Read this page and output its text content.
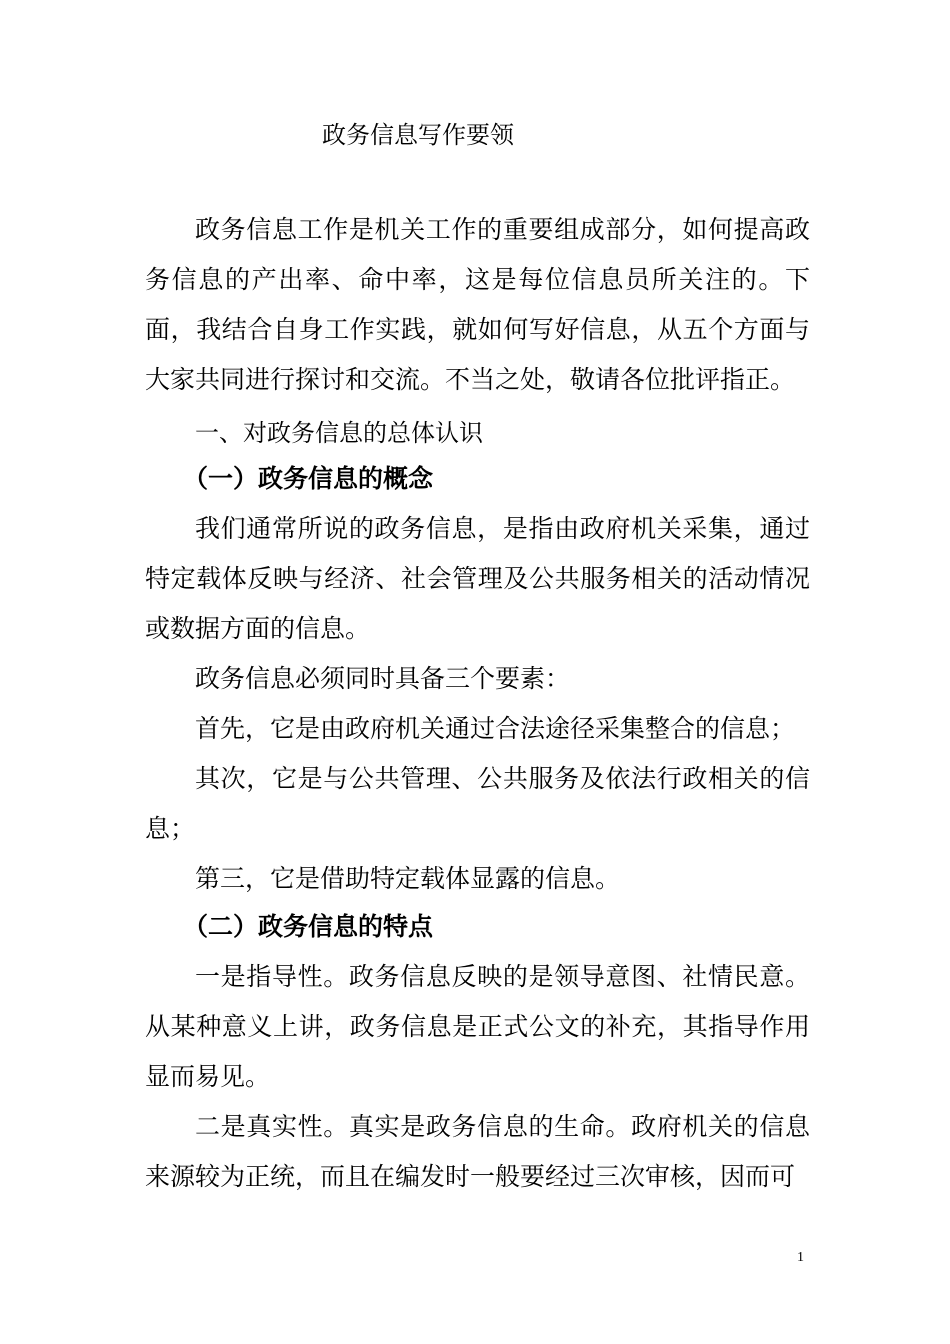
政务信息写作要领

政务信息工作是机关工作的重要组成部分，如何提高政务信息的产出率、命中率，这是每位信息员所关注的。下面，我结合自身工作实践，就如何写好信息，从五个方面与大家共同进行探讨和交流。不当之处，敬请各位批评指正。

一、对政务信息的总体认识

（一）政务信息的概念

我们通常所说的政务信息，是指由政府机关采集，通过特定载体反映与经济、社会管理及公共服务相关的活动情况或数据方面的信息。

政务信息必须同时具备三个要素：

首先，它是由政府机关通过合法途径采集整合的信息；

其次，它是与公共管理、公共服务及依法行政相关的信息；

第三，它是借助特定载体显露的信息。

（二）政务信息的特点

一是指导性。政务信息反映的是领导意图、社情民意。从某种意义上讲，政务信息是正式公文的补充，其指导作用显而易见。

二是真实性。真实是政务信息的生命。政府机关的信息来源较为正统，而且在编发时一般要经过三次审核，因而可

1
